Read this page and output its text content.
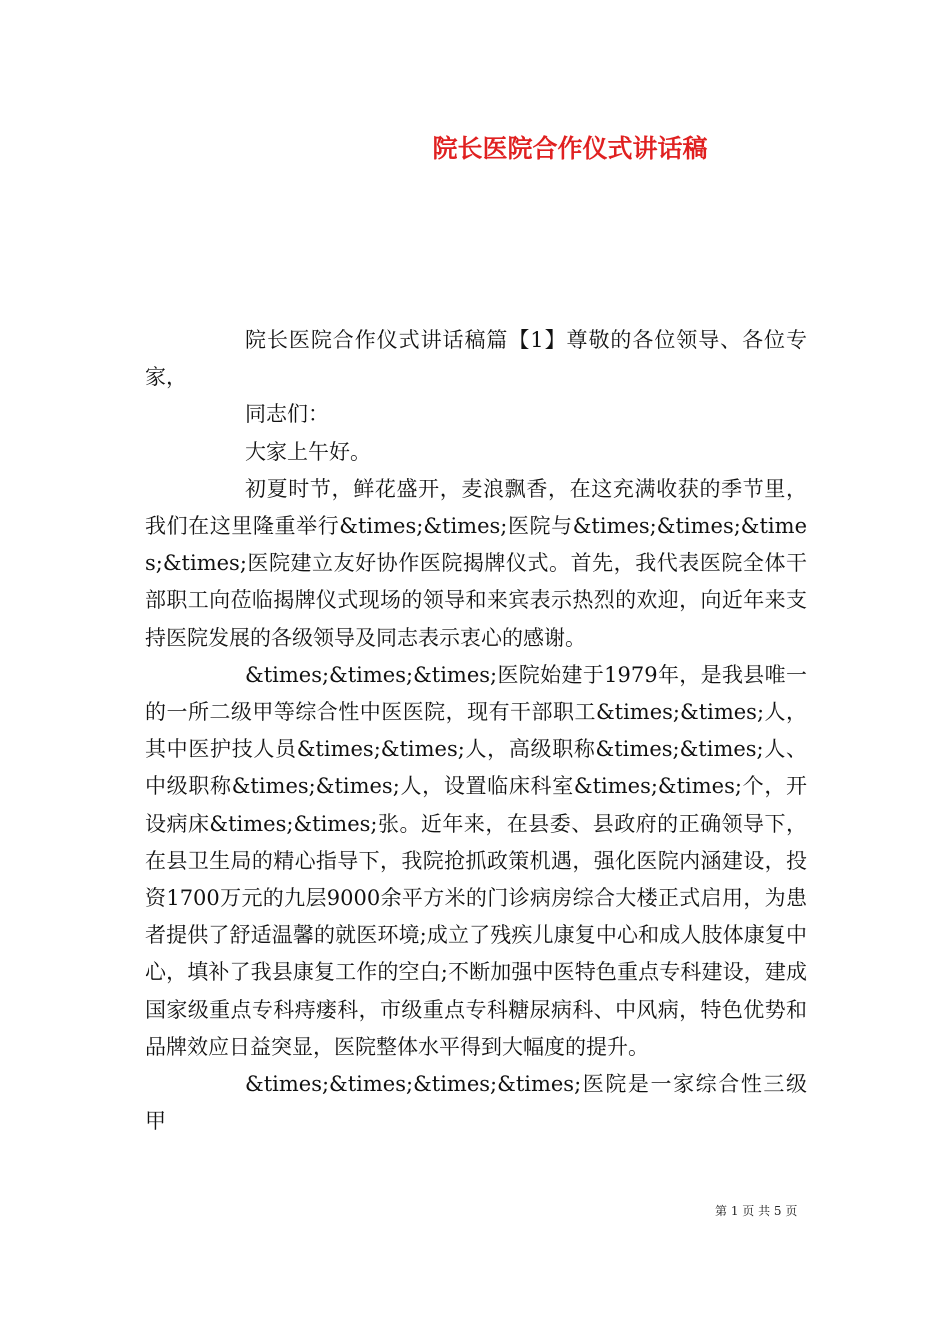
院长医院合作仪式讲话稿

院长医院合作仪式讲话稿篇【1】尊敬的各位领导、各位专家，

同志们：

大家上午好。

初夏时节，鲜花盛开，麦浪飘香，在这充满收获的季节里，我们在这里隆重举行&times;&times;医院与&times;&times;&times;&times;医院建立友好协作医院揭牌仪式。首先，我代表医院全体干部职工向莅临揭牌仪式现场的领导和来宾表示热烈的欢迎，向近年来支持医院发展的各级领导及同志表示衷心的感谢。

&times;&times;&times;医院始建于1979年，是我县唯一的一所二级甲等综合性中医医院，现有干部职工&times;&times;人，其中医护技人员&times;&times;人，高级职称&times;&times;人、中级职称&times;&times;人，设置临床科室&times;&times;个，开设病床&times;&times;张。近年来，在县委、县政府的正确领导下，在县卫生局的精心指导下，我院抢抓政策机遇，强化医院内涵建设，投资1700万元的九层9000余平方米的门诊病房综合大楼正式启用，为患者提供了舒适温馨的就医环境;成立了残疾儿康复中心和成人肢体康复中心，填补了我县康复工作的空白;不断加强中医特色重点专科建设，建成国家级重点专科痔瘘科，市级重点专科糖尿病科、中风病，特色优势和品牌效应日益突显，医院整体水平得到大幅度的提升。

&times;&times;&times;&times;医院是一家综合性三级甲

第 1 页 共 5 页
